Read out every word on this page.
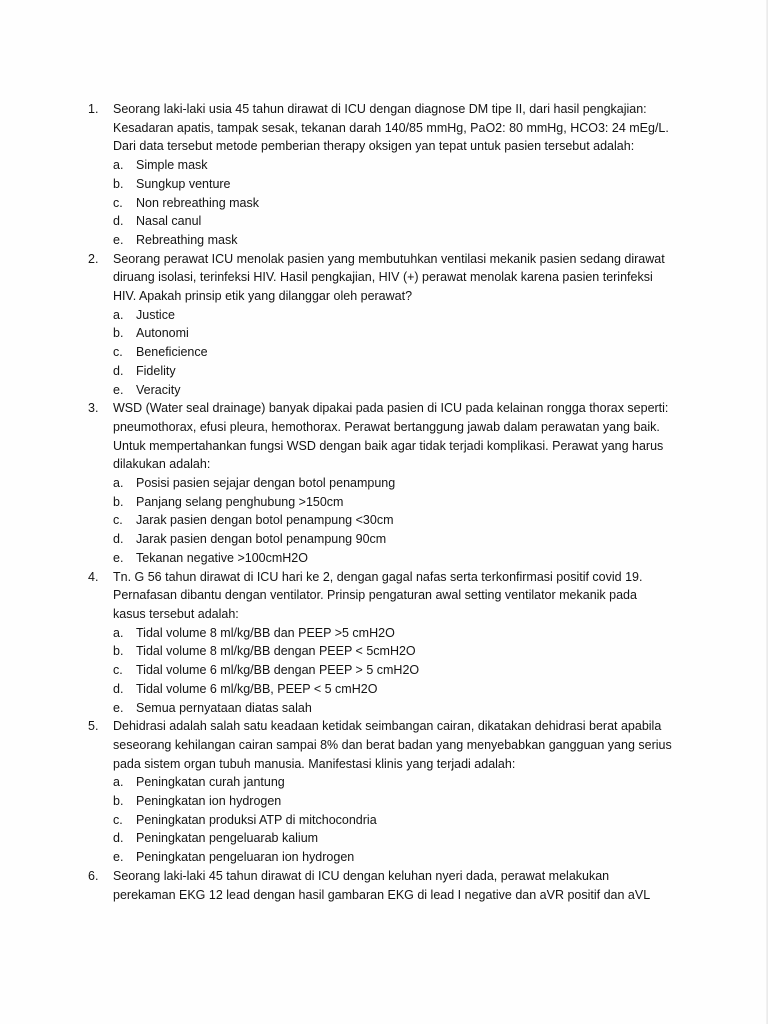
1. Seorang laki-laki usia 45 tahun dirawat di ICU dengan diagnose DM tipe II, dari hasil pengkajian:
Kesadaran apatis, tampak sesak, tekanan darah 140/85 mmHg, PaO2: 80 mmHg, HCO3: 24 mEg/L.
Dari data tersebut metode pemberian therapy oksigen yan tepat untuk pasien tersebut adalah:
a. Simple mask
b. Sungkup venture
c. Non rebreathing mask
d. Nasal canul
e. Rebreathing mask
2. Seorang perawat ICU menolak pasien yang membutuhkan ventilasi mekanik pasien sedang dirawat
diruang isolasi, terinfeksi HIV. Hasil pengkajian, HIV (+) perawat menolak karena pasien terinfeksi
HIV. Apakah prinsip etik yang dilanggar oleh perawat?
a. Justice
b. Autonomi
c. Beneficience
d. Fidelity
e. Veracity
3. WSD (Water seal drainage) banyak dipakai pada pasien di ICU pada kelainan rongga thorax seperti:
pneumothorax, efusi pleura, hemothorax. Perawat bertanggung jawab dalam perawatan yang baik.
Untuk mempertahankan fungsi WSD dengan baik agar tidak terjadi komplikasi. Perawat yang harus
dilakukan adalah:
a. Posisi pasien sejajar dengan botol penampung
b. Panjang selang penghubung >150cm
c. Jarak pasien dengan botol penampung <30cm
d. Jarak pasien dengan botol penampung 90cm
e. Tekanan negative >100cmH2O
4. Tn. G 56 tahun dirawat di ICU hari ke 2, dengan gagal nafas serta terkonfirmasi positif covid 19.
Pernafasan dibantu dengan ventilator. Prinsip pengaturan awal setting ventilator mekanik pada
kasus tersebut adalah:
a. Tidal volume 8 ml/kg/BB dan PEEP >5 cmH2O
b. Tidal volume 8 ml/kg/BB dengan PEEP < 5cmH2O
c. Tidal volume 6 ml/kg/BB dengan PEEP > 5 cmH2O
d. Tidal volume 6 ml/kg/BB, PEEP < 5 cmH2O
e. Semua pernyataan diatas salah
5. Dehidrasi adalah salah satu keadaan ketidak seimbangan cairan, dikatakan dehidrasi berat apabila
seseorang kehilangan cairan sampai 8% dan berat badan yang menyebabkan gangguan yang serius
pada sistem organ tubuh manusia. Manifestasi klinis yang terjadi adalah:
a. Peningkatan curah jantung
b. Peningkatan ion hydrogen
c. Peningkatan produksi ATP di mitchocondria
d. Peningkatan pengeluarab kalium
e. Peningkatan pengeluaran ion hydrogen
6. Seorang laki-laki 45 tahun dirawat di ICU dengan keluhan nyeri dada, perawat melakukan
perekaman EKG 12 lead dengan hasil gambaran EKG di lead I negative dan aVR positif dan aVL
